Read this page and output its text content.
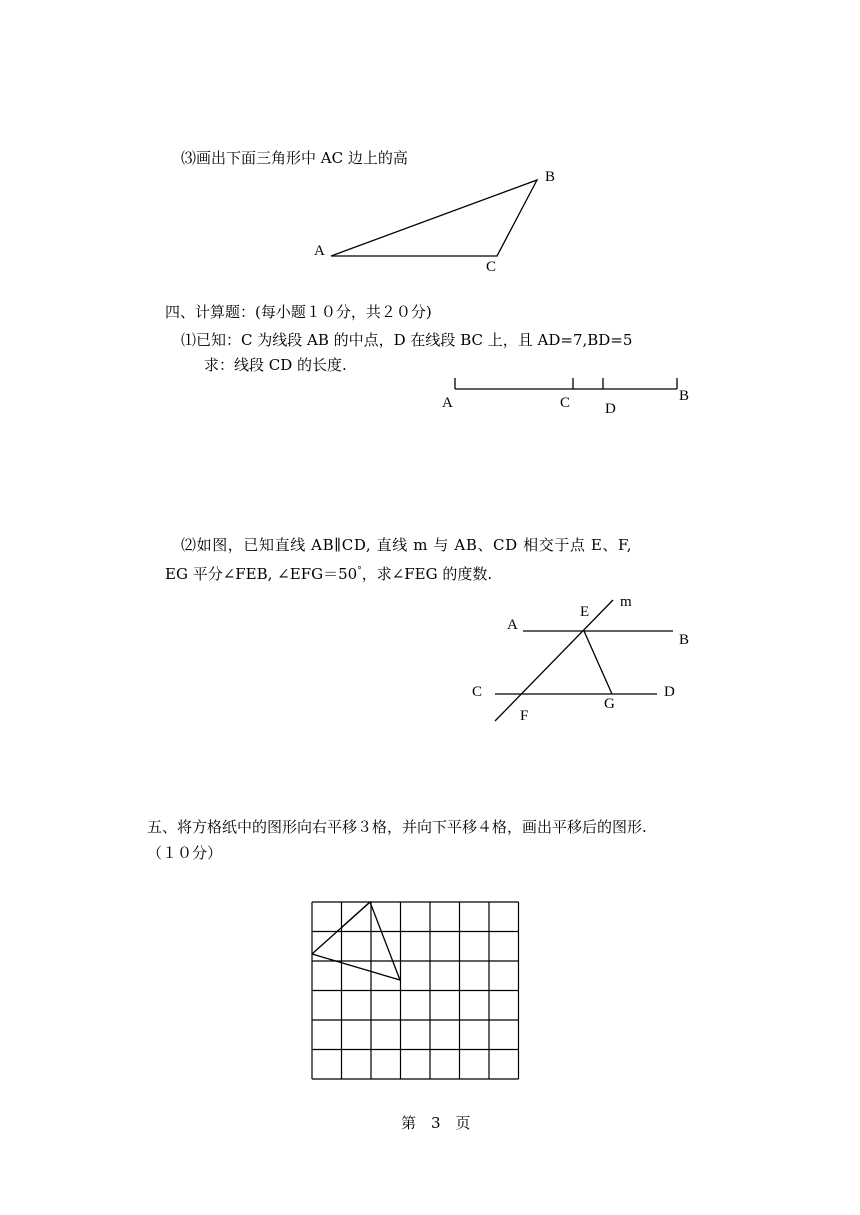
⑶画出下面三角形中 AC 边上的高
A
B
C
四、计算题：(每小题１０分，共２０分)
⑴已知：C 为线段 AB 的中点，D 在线段 BC 上，且 AD=7,BD=5
求：线段 CD 的长度.
A	C D
B
⑵如图，已知直线 AB∥CD, 直线 m 与 AB、CD 相交于点 E、F,
EG 平分∠FEB, ∠EFG＝50°，求∠FEG 的度数.
m
E
A
B
C	D
G
F
五、将方格纸中的图形向右平移３格，并向下平移４格，画出平移后的图形.
（１０分）
第　3　页
